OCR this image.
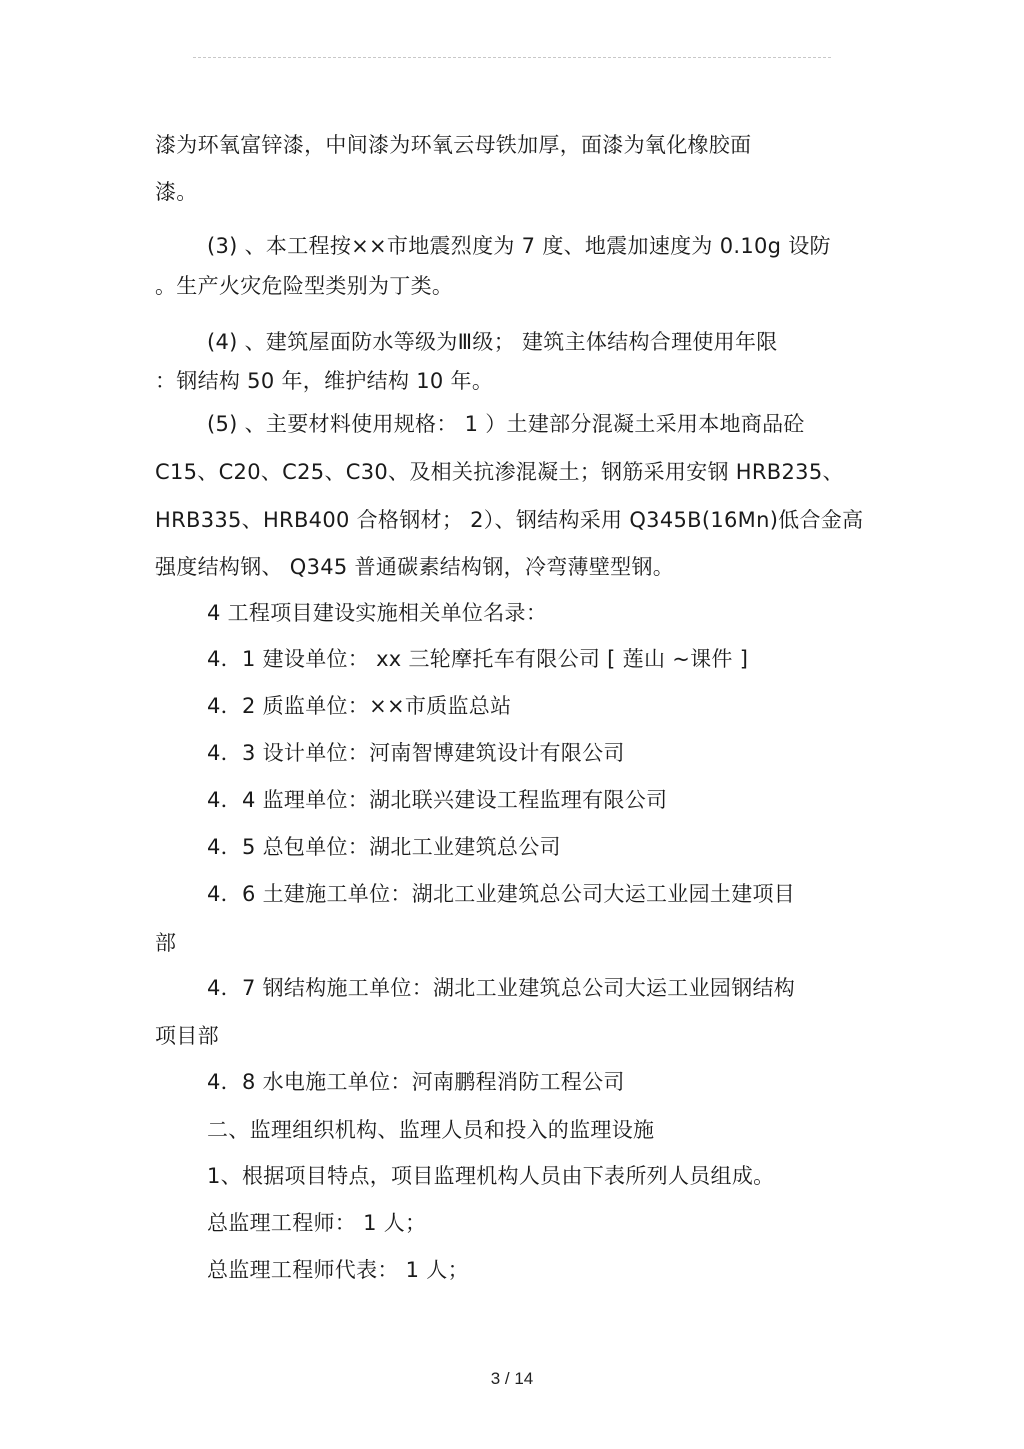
漆为环氧富锌漆，中间漆为环氧云母铁加厚，面漆为氧化橡胶面
漆。
(3) 、本工程按××市地震烈度为 7 度、地震加速度为 0.10g 设防
。生产火灾危险型类别为丁类。
(4) 、建筑屋面防水等级为Ⅲ级； 建筑主体结构合理使用年限
：钢结构 50 年，维护结构 10 年。
(5) 、主要材料使用规格： 1 ）土建部分混凝土采用本地商品砼
C15、C20、C25、C30、及相关抗渗混凝土；钢筋采用安钢 HRB235、
HRB335、HRB400 合格钢材； 2）、钢结构采用 Q345B(16Mn)低合金高
强度结构钢、 Q345 普通碳素结构钢，冷弯薄壁型钢。
4 工程项目建设实施相关单位名录：
4．1 建设单位： xx 三轮摩托车有限公司 [ 莲山 ~课件 ]
4．2 质监单位：××市质监总站
4．3 设计单位：河南智博建筑设计有限公司
4．4 监理单位：湖北联兴建设工程监理有限公司
4．5 总包单位：湖北工业建筑总公司
4．6 土建施工单位：湖北工业建筑总公司大运工业园土建项目
部
4．7 钢结构施工单位：湖北工业建筑总公司大运工业园钢结构
项目部
4．8 水电施工单位：河南鹏程消防工程公司
二、监理组织机构、监理人员和投入的监理设施
1、根据项目特点，项目监理机构人员由下表所列人员组成。
总监理工程师： 1 人；
总监理工程师代表： 1 人；
3 / 14
